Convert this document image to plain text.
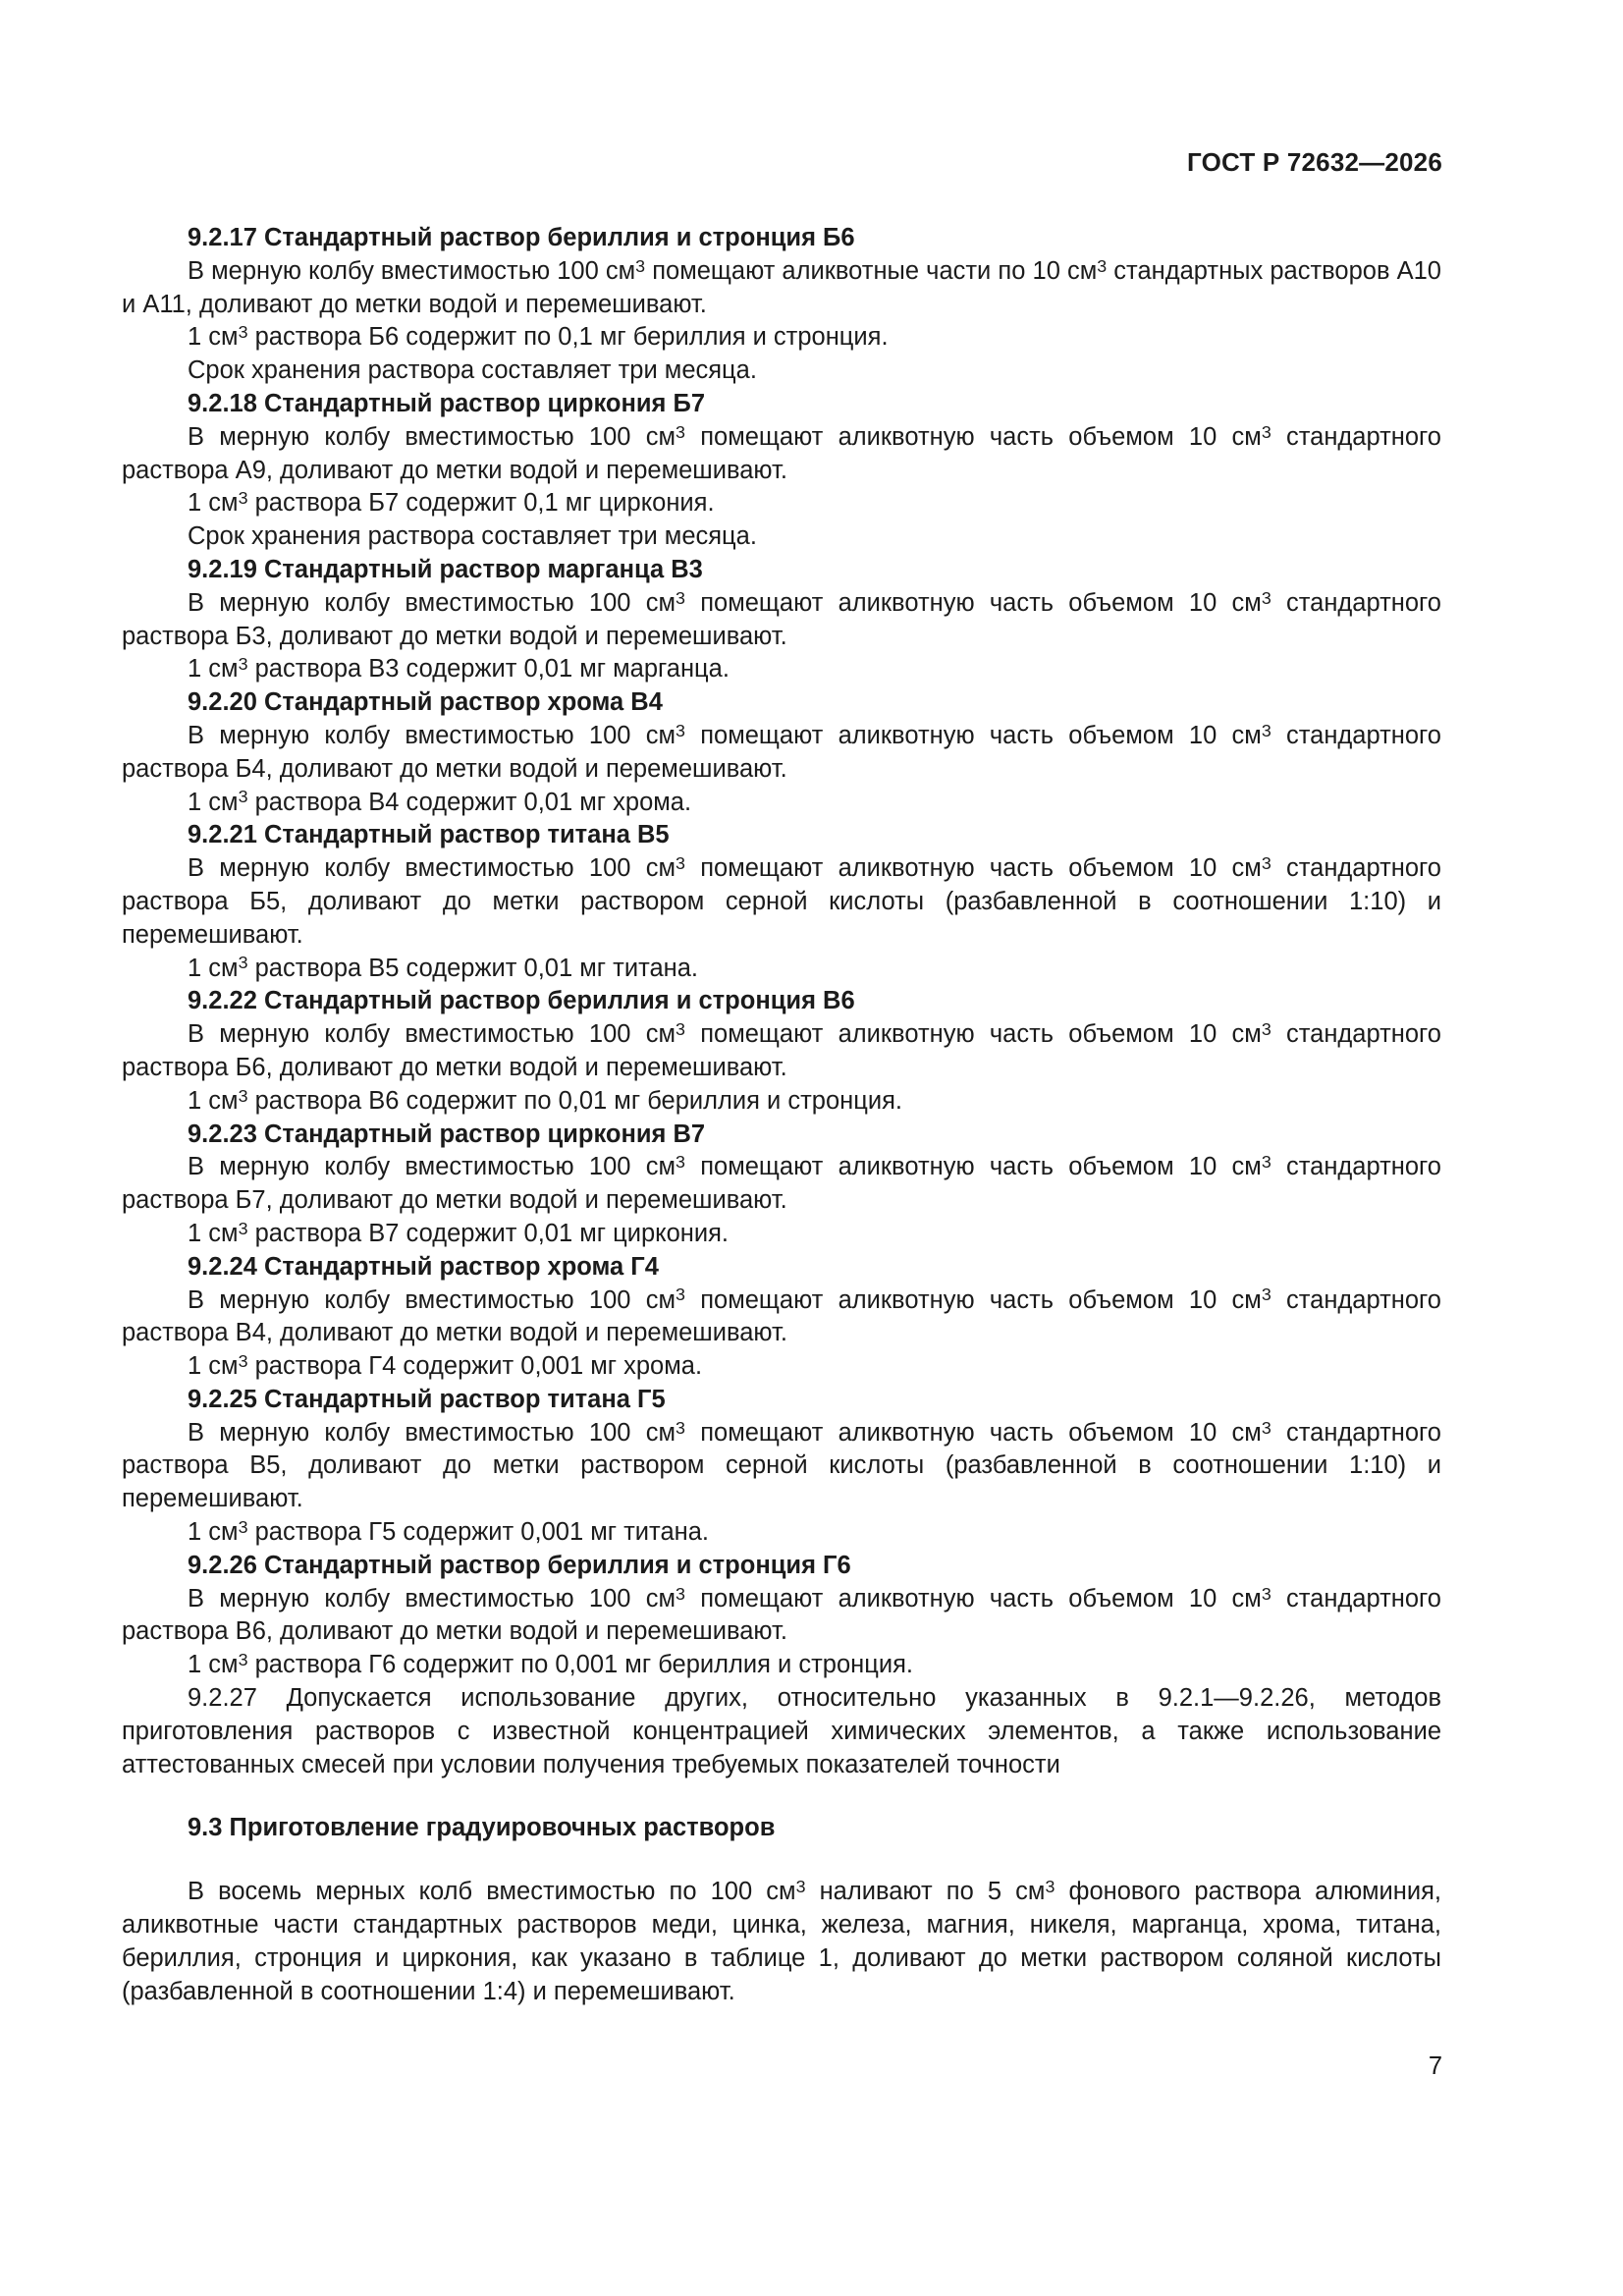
ГОСТ Р 72632—2026

9.2.17 Стандартный раствор бериллия и стронция Б6

В мерную колбу вместимостью 100 $см^3$ помещают аликвотные части по 10 $см^3$ стандартных растворов А10 и А11, доливают до метки водой и перемешивают.

1 $см^3$ раствора Б6 содержит по 0,1 мг бериллия и стронция.

Срок хранения раствора составляет три месяца.

9.2.18 Стандартный раствор циркония Б7

В мерную колбу вместимостью 100 $см^3$ помещают аликвотную часть объемом 10 $см^3$ стандартного раствора А9, доливают до метки водой и перемешивают.

1 $см^3$ раствора Б7 содержит 0,1 мг циркония.

Срок хранения раствора составляет три месяца.

9.2.19 Стандартный раствор марганца В3

В мерную колбу вместимостью 100 $см^3$ помещают аликвотную часть объемом 10 $см^3$ стандартного раствора Б3, доливают до метки водой и перемешивают.

1 $см^3$ раствора В3 содержит 0,01 мг марганца.

9.2.20 Стандартный раствор хрома В4

В мерную колбу вместимостью 100 $см^3$ помещают аликвотную часть объемом 10 $см^3$ стандартного раствора Б4, доливают до метки водой и перемешивают.

1 $см^3$ раствора В4 содержит 0,01 мг хрома.

9.2.21 Стандартный раствор титана В5

В мерную колбу вместимостью 100 $см^3$ помещают аликвотную часть объемом 10 $см^3$ стандартного раствора Б5, доливают до метки раствором серной кислоты (разбавленной в соотношении 1:10) и перемешивают.

1 $см^3$ раствора В5 содержит 0,01 мг титана.

9.2.22 Стандартный раствор бериллия и стронция В6

В мерную колбу вместимостью 100 $см^3$ помещают аликвотную часть объемом 10 $см^3$ стандартного раствора Б6, доливают до метки водой и перемешивают.

1 $см^3$ раствора В6 содержит по 0,01 мг бериллия и стронция.

9.2.23 Стандартный раствор циркония В7

В мерную колбу вместимостью 100 $см^3$ помещают аликвотную часть объемом 10 $см^3$ стандартного раствора Б7, доливают до метки водой и перемешивают.

1 $см^3$ раствора В7 содержит 0,01 мг циркония.

9.2.24 Стандартный раствор хрома Г4

В мерную колбу вместимостью 100 $см^3$ помещают аликвотную часть объемом 10 $см^3$ стандартного раствора В4, доливают до метки водой и перемешивают.

1 $см^3$ раствора Г4 содержит 0,001 мг хрома.

9.2.25 Стандартный раствор титана Г5

В мерную колбу вместимостью 100 $см^3$ помещают аликвотную часть объемом 10 $см^3$ стандартного раствора В5, доливают до метки раствором серной кислоты (разбавленной в соотношении 1:10) и перемешивают.

1 $см^3$ раствора Г5 содержит 0,001 мг титана.

9.2.26 Стандартный раствор бериллия и стронция Г6

В мерную колбу вместимостью 100 $см^3$ помещают аликвотную часть объемом 10 $см^3$ стандартного раствора В6, доливают до метки водой и перемешивают.

1 $см^3$ раствора Г6 содержит по 0,001 мг бериллия и стронция.

9.2.27 Допускается использование других, относительно указанных в 9.2.1—9.2.26, методов приготовления растворов с известной концентрацией химических элементов, а также использование аттестованных смесей при условии получения требуемых показателей точности

9.3 Приготовление градуировочных растворов

В восемь мерных колб вместимостью по 100 $см^3$ наливают по 5 $см^3$ фонового раствора алюминия, аликвотные части стандартных растворов меди, цинка, железа, магния, никеля, марганца, хрома, титана, бериллия, стронция и циркония, как указано в таблице 1, доливают до метки раствором соляной кислоты (разбавленной в соотношении 1:4) и перемешивают.

7
